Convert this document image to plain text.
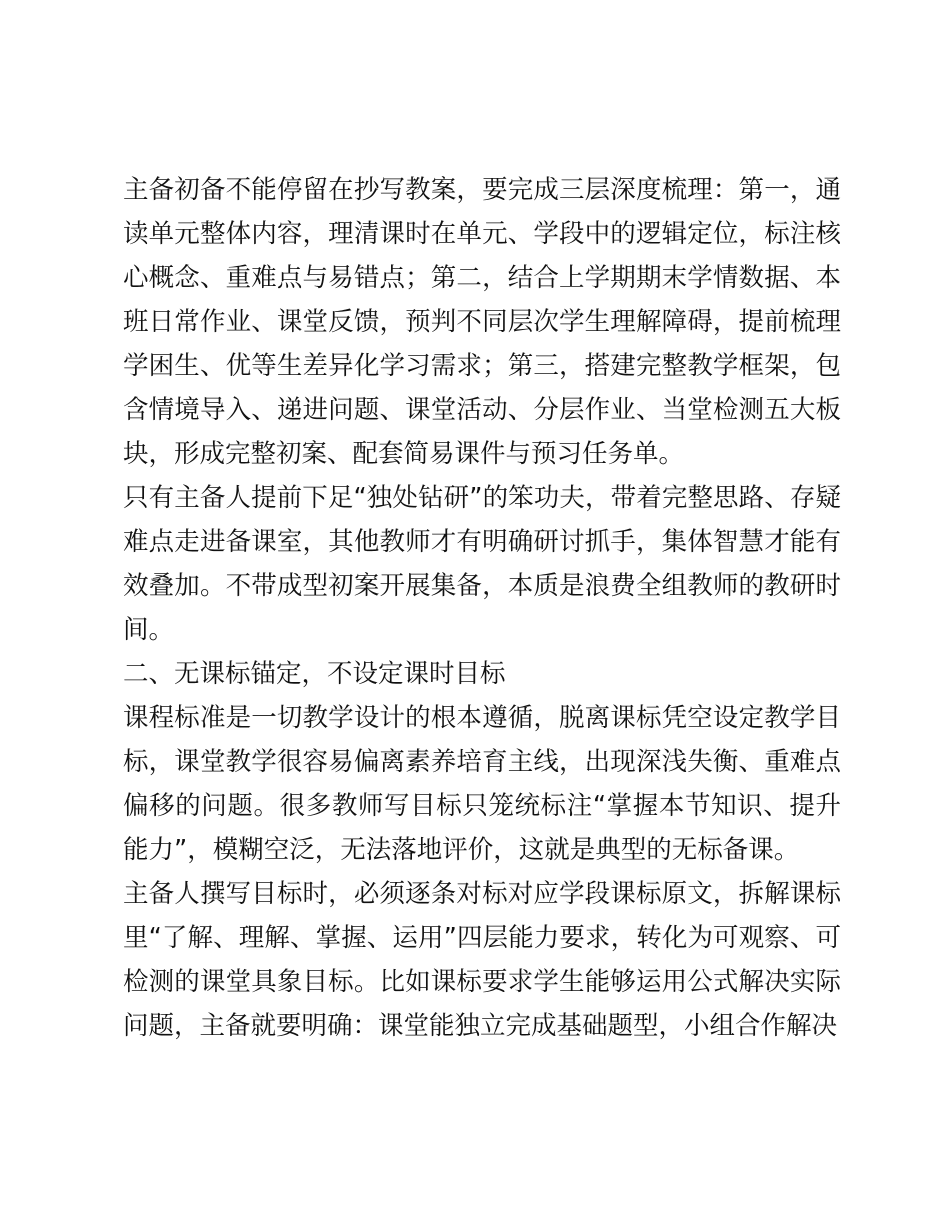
主备初备不能停留在抄写教案，要完成三层深度梳理：第一，通读单元整体内容，理清课时在单元、学段中的逻辑定位，标注核心概念、重难点与易错点；第二，结合上学期期末学情数据、本班日常作业、课堂反馈，预判不同层次学生理解障碍，提前梳理学困生、优等生差异化学习需求；第三，搭建完整教学框架，包含情境导入、递进问题、课堂活动、分层作业、当堂检测五大板块，形成完整初案、配套简易课件与预习任务单。

只有主备人提前下足“独处钻研”的笨功夫，带着完整思路、存疑难点走进备课室，其他教师才有明确研讨抓手，集体智慧才能有效叠加。不带成型初案开展集备，本质是浪费全组教师的教研时间。

二、无课标锚定，不设定课时目标

课程标准是一切教学设计的根本遵循，脱离课标凭空设定教学目标，课堂教学很容易偏离素养培育主线，出现深浅失衡、重难点偏移的问题。很多教师写目标只笼统标注“掌握本节知识、提升能力”，模糊空泛，无法落地评价，这就是典型的无标备课。

主备人撰写目标时，必须逐条对标对应学段课标原文，拆解课标里“了解、理解、掌握、运用”四层能力要求，转化为可观察、可检测的课堂具象目标。比如课标要求学生能够运用公式解决实际问题，主备就要明确：课堂能独立完成基础题型，小组合作解决
